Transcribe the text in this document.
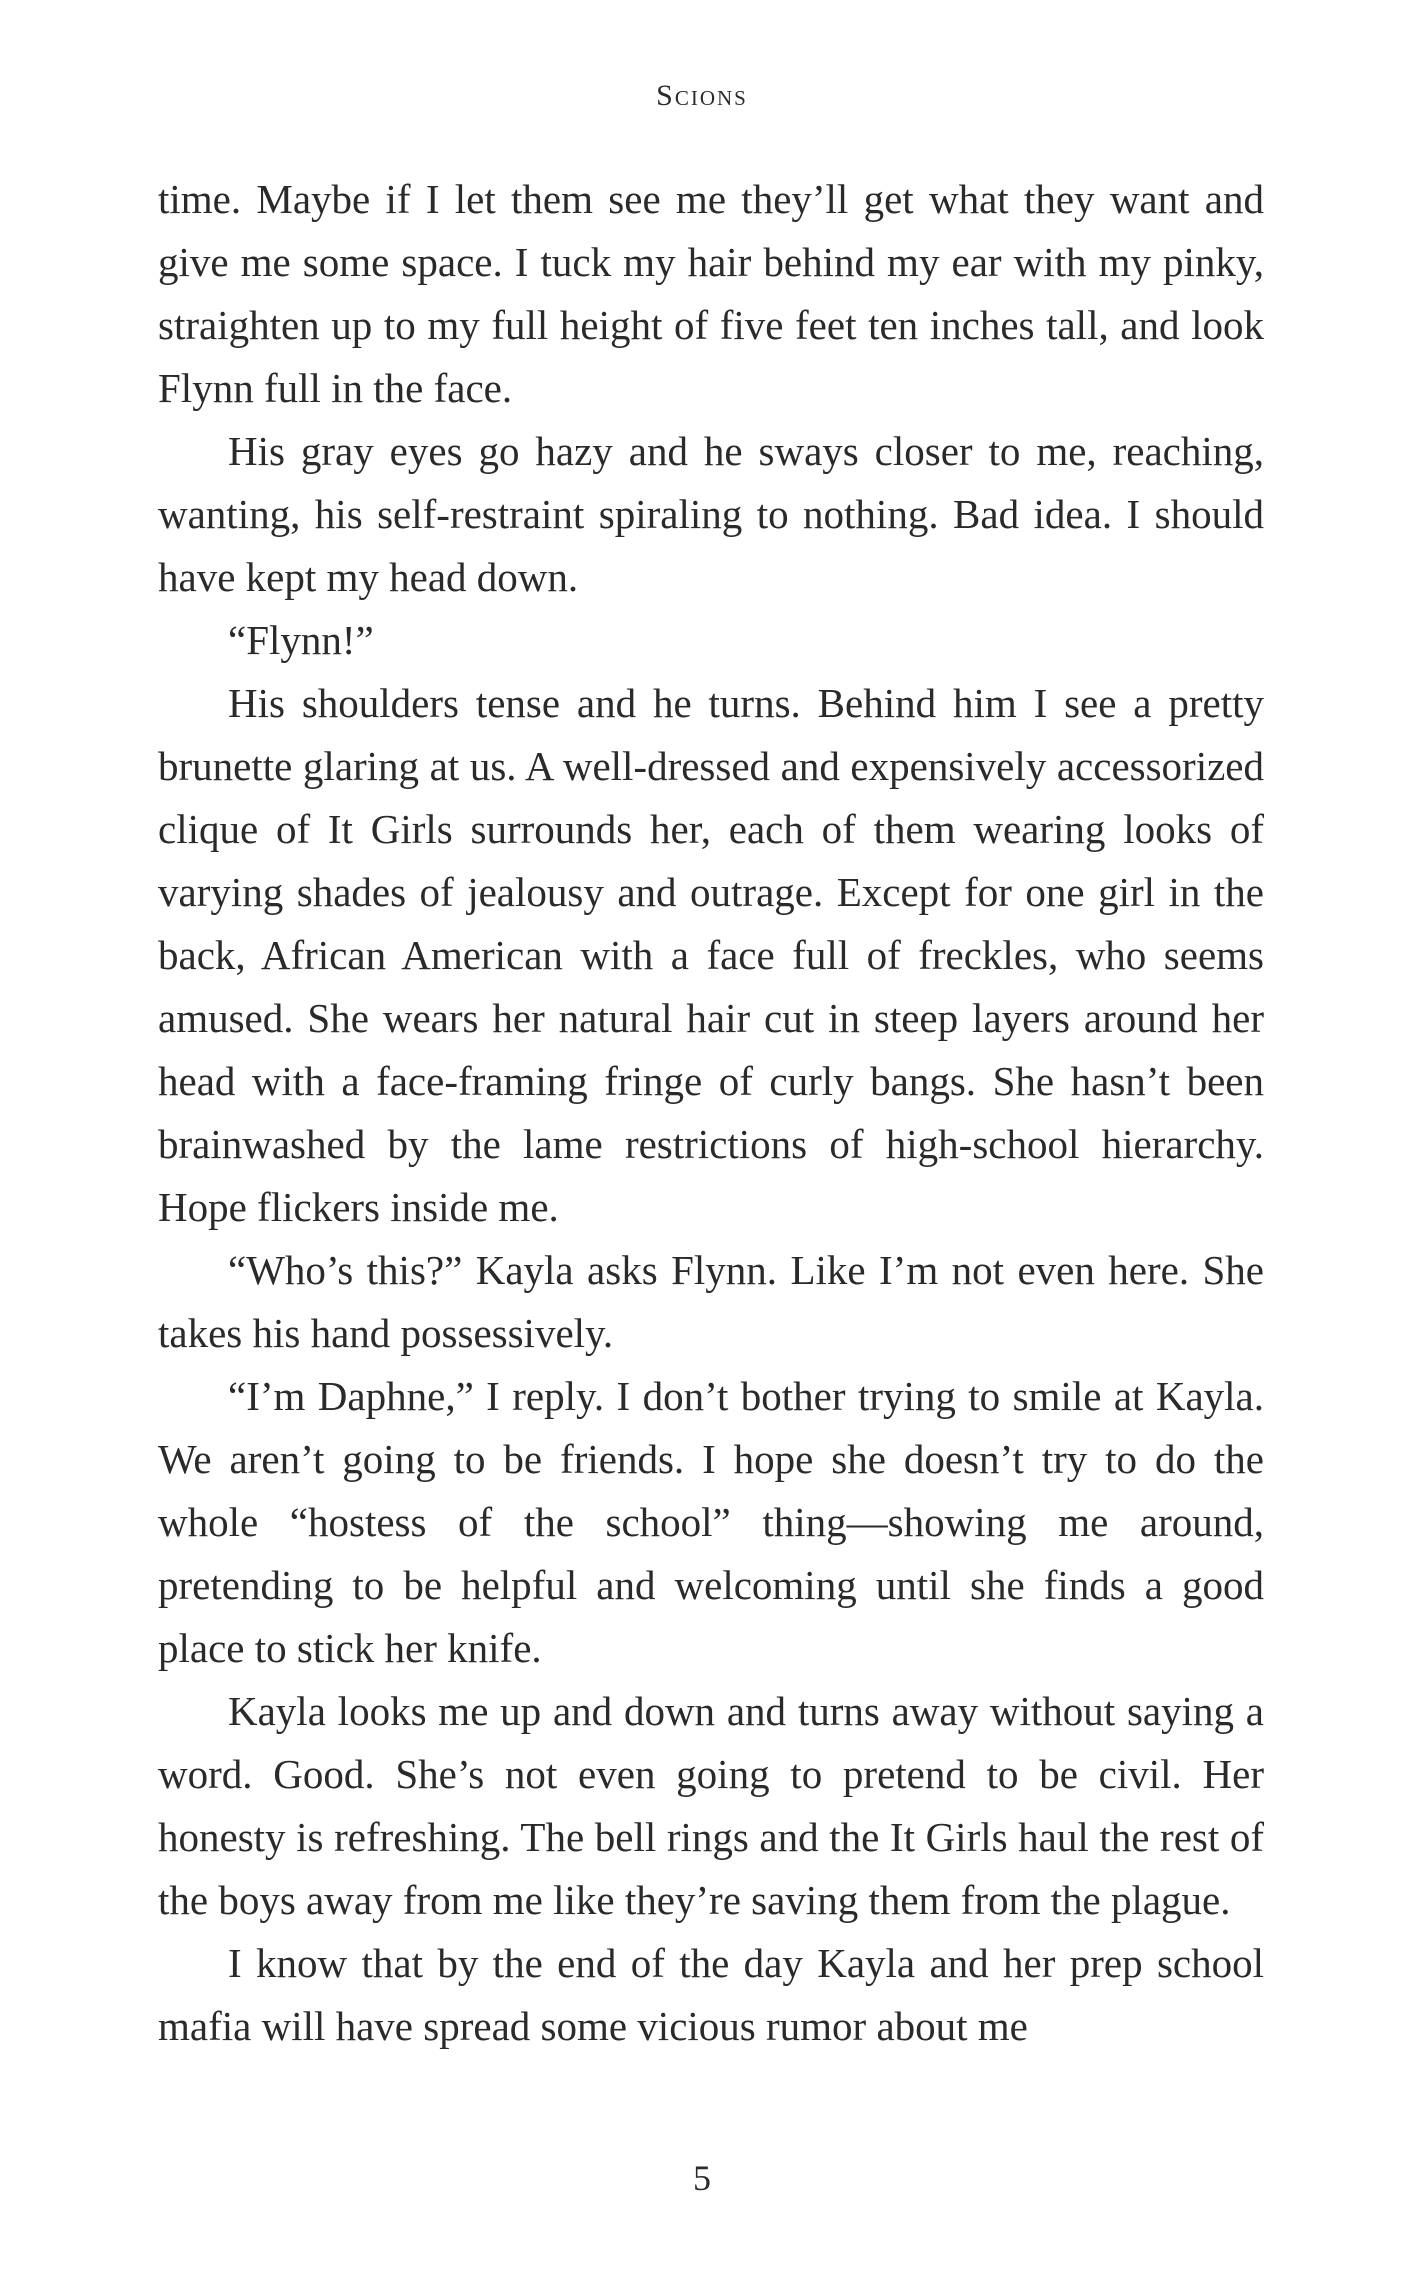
Scions

time. Maybe if I let them see me they’ll get what they want and give me some space. I tuck my hair behind my ear with my pinky, straighten up to my full height of five feet ten inches tall, and look Flynn full in the face.

His gray eyes go hazy and he sways closer to me, reaching, wanting, his self-restraint spiraling to nothing. Bad idea. I should have kept my head down.

“Flynn!”

His shoulders tense and he turns. Behind him I see a pretty brunette glaring at us. A well-dressed and expensively accessorized clique of It Girls surrounds her, each of them wearing looks of varying shades of jealousy and outrage. Except for one girl in the back, African American with a face full of freckles, who seems amused. She wears her natural hair cut in steep layers around her head with a face-framing fringe of curly bangs. She hasn’t been brainwashed by the lame restrictions of high-school hierarchy. Hope flickers inside me.

“Who’s this?” Kayla asks Flynn. Like I’m not even here. She takes his hand possessively.

“I’m Daphne,” I reply. I don’t bother trying to smile at Kayla. We aren’t going to be friends. I hope she doesn’t try to do the whole “hostess of the school” thing—showing me around, pretending to be helpful and welcoming until she finds a good place to stick her knife.

Kayla looks me up and down and turns away without saying a word. Good. She’s not even going to pretend to be civil. Her honesty is refreshing. The bell rings and the It Girls haul the rest of the boys away from me like they’re saving them from the plague.

I know that by the end of the day Kayla and her prep school mafia will have spread some vicious rumor about me

5
